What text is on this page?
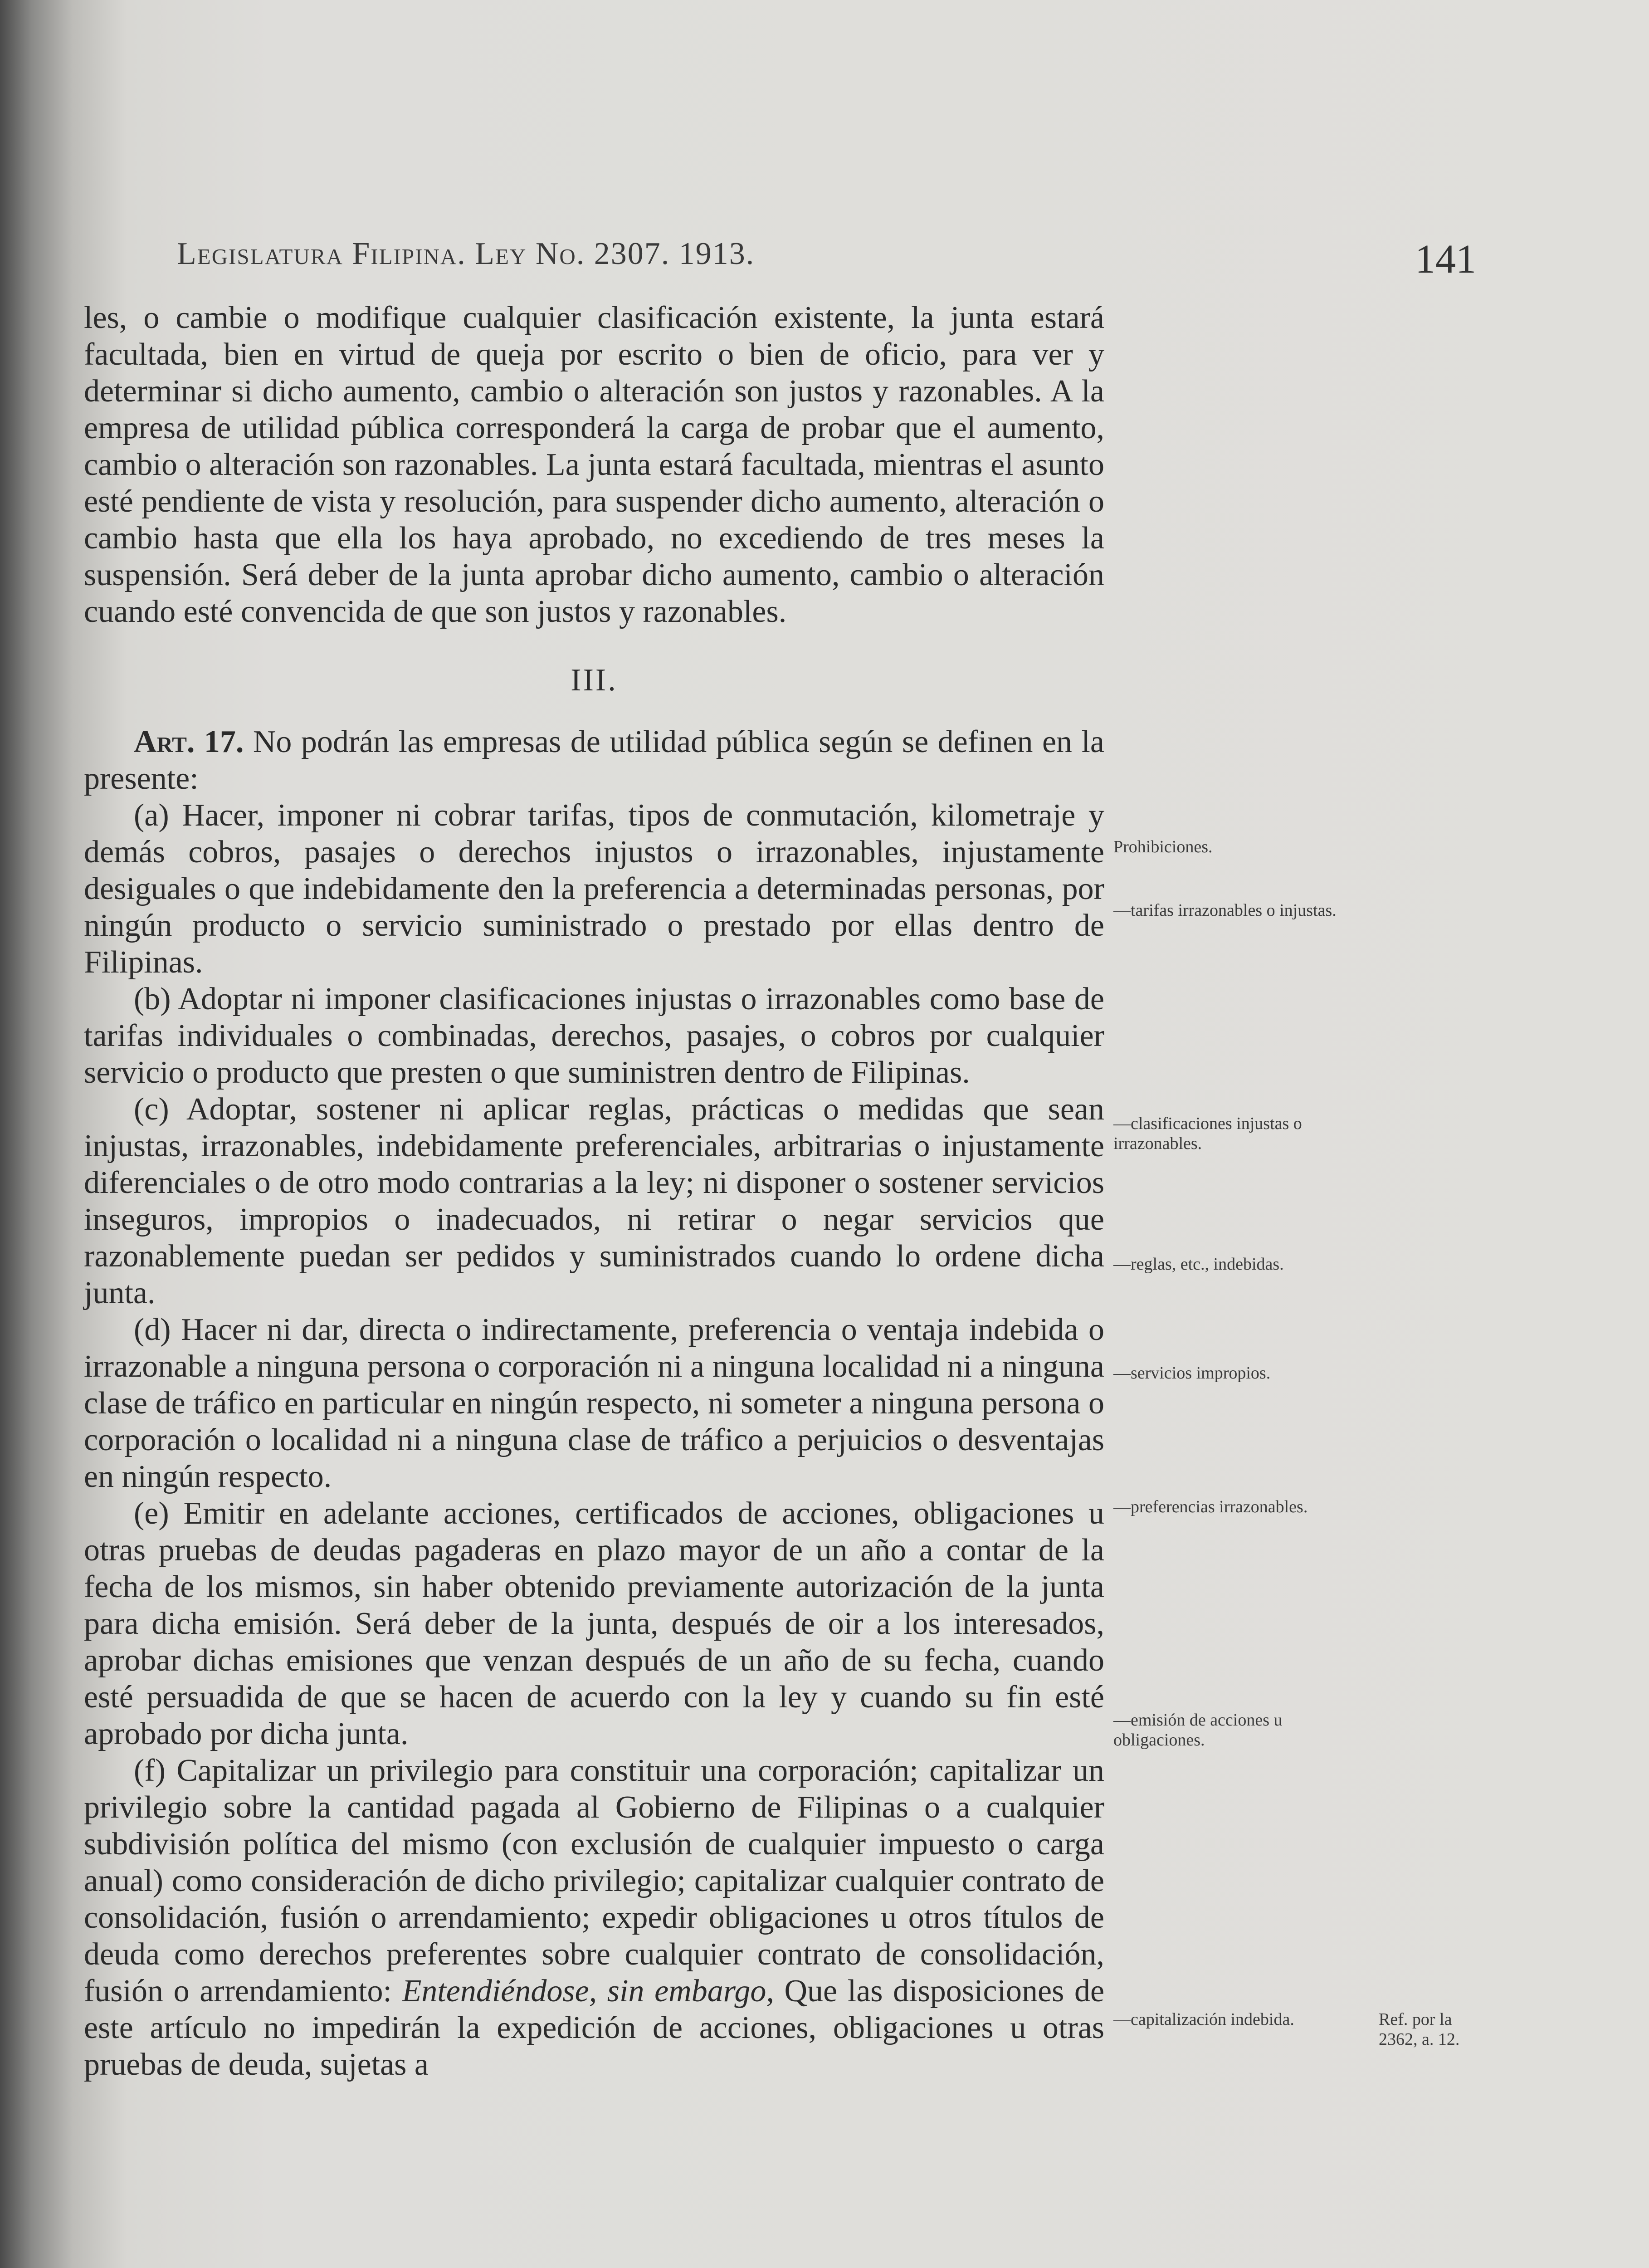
Legislatura Filipina. Ley No. 2307. 1913.	141

les, o cambie o modifique cualquier clasificación existente, la junta estará facultada, bien en virtud de queja por escrito o bien de oficio, para ver y determinar si dicho aumento, cambio o alteración son justos y razonables. A la empresa de utilidad pública corresponderá la carga de probar que el aumento, cambio o alteración son razonables. La junta estará facultada, mientras el asunto esté pendiente de vista y resolución, para suspender dicho aumento, alteración o cambio hasta que ella los haya aprobado, no excediendo de tres meses la suspensión. Será deber de la junta aprobar dicho aumento, cambio o alteración cuando esté convencida de que son justos y razonables.

III.

Art. 17. No podrán las empresas de utilidad pública según se definen en la presente:

(a) Hacer, imponer ni cobrar tarifas, tipos de conmutación, kilometraje y demás cobros, pasajes o derechos injustos o irrazonables, injustamente desiguales o que indebidamente den la preferencia a determinadas personas, por ningún producto o servicio suministrado o prestado por ellas dentro de Filipinas.

(b) Adoptar ni imponer clasificaciones injustas o irrazonables como base de tarifas individuales o combinadas, derechos, pasajes, o cobros por cualquier servicio o producto que presten o que suministren dentro de Filipinas.

(c) Adoptar, sostener ni aplicar reglas, prácticas o medidas que sean injustas, irrazonables, indebidamente preferenciales, arbitrarias o injustamente diferenciales o de otro modo contrarias a la ley; ni disponer o sostener servicios inseguros, impropios o inadecuados, ni retirar o negar servicios que razonablemente puedan ser pedidos y suministrados cuando lo ordene dicha junta.

(d) Hacer ni dar, directa o indirectamente, preferencia o ventaja indebida o irrazonable a ninguna persona o corporación ni a ninguna localidad ni a ninguna clase de tráfico en particular en ningún respecto, ni someter a ninguna persona o corporación o localidad ni a ninguna clase de tráfico a perjuicios o desventajas en ningún respecto.

(e) Emitir en adelante acciones, certificados de acciones, obligaciones u otras pruebas de deudas pagaderas en plazo mayor de un año a contar de la fecha de los mismos, sin haber obtenido previamente autorización de la junta para dicha emisión. Será deber de la junta, después de oir a los interesados, aprobar dichas emisiones que venzan después de un año de su fecha, cuando esté persuadida de que se hacen de acuerdo con la ley y cuando su fin esté aprobado por dicha junta.

(f) Capitalizar un privilegio para constituir una corporación; capitalizar un privilegio sobre la cantidad pagada al Gobierno de Filipinas o a cualquier subdivisión política del mismo (con exclusión de cualquier impuesto o carga anual) como consideración de dicho privilegio; capitalizar cualquier contrato de consolidación, fusión o arrendamiento; expedir obligaciones u otros títulos de deuda como derechos preferentes sobre cualquier contrato de consolidación, fusión o arrendamiento: Entendiéndose, sin embargo, Que las disposiciones de este artículo no impedirán la expedición de acciones, obligaciones u otras pruebas de deuda, sujetas a

Prohibiciones.
—tarifas irrazonables o injustas.
—clasificaciones injustas o irrazonables.
—reglas, etc., indebidas.
—servicios impropios.
—preferencias irrazonables.
—emisión de acciones u obligaciones.
—capitalización indebida.	Ref. por la 2362, a. 12.
